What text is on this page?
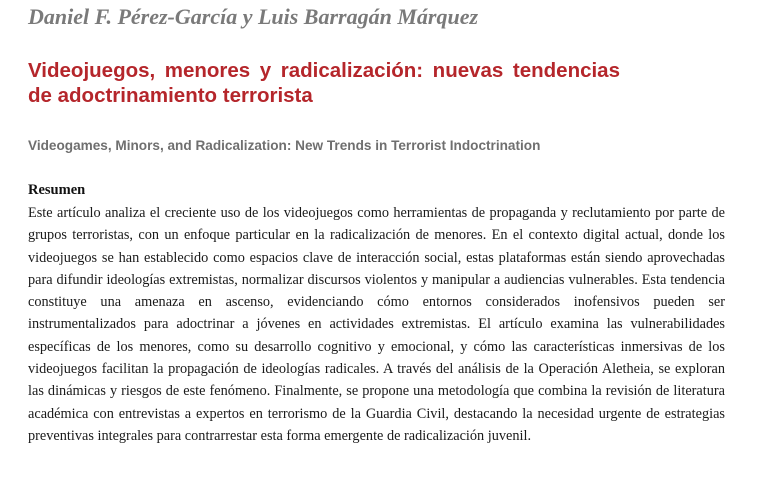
Daniel F. Pérez-García y Luis Barragán Márquez
Videojuegos, menores y radicalización: nuevas tendencias de adoctrinamiento terrorista
Videogames, Minors, and Radicalization: New Trends in Terrorist Indoctrination
Resumen
Este artículo analiza el creciente uso de los videojuegos como herramientas de propaganda y reclutamiento por parte de grupos terroristas, con un enfoque particular en la radicalización de menores. En el contexto digital actual, donde los videojuegos se han establecido como espacios clave de interacción social, estas plataformas están siendo aprovechadas para difundir ideologías extremistas, normalizar discursos violentos y manipular a audiencias vulnerables. Esta tendencia constituye una amenaza en ascenso, evidenciando cómo entornos considerados inofensivos pueden ser instrumentalizados para adoctrinar a jóvenes en actividades extremistas. El artículo examina las vulnerabilidades específicas de los menores, como su desarrollo cognitivo y emocional, y cómo las características inmersivas de los videojuegos facilitan la propagación de ideologías radicales. A través del análisis de la Operación Aletheia, se exploran las dinámicas y riesgos de este fenómeno. Finalmente, se propone una metodología que combina la revisión de literatura académica con entrevistas a expertos en terrorismo de la Guardia Civil, destacando la necesidad urgente de estrategias preventivas integrales para contrarrestar esta forma emergente de radicalización juvenil.
